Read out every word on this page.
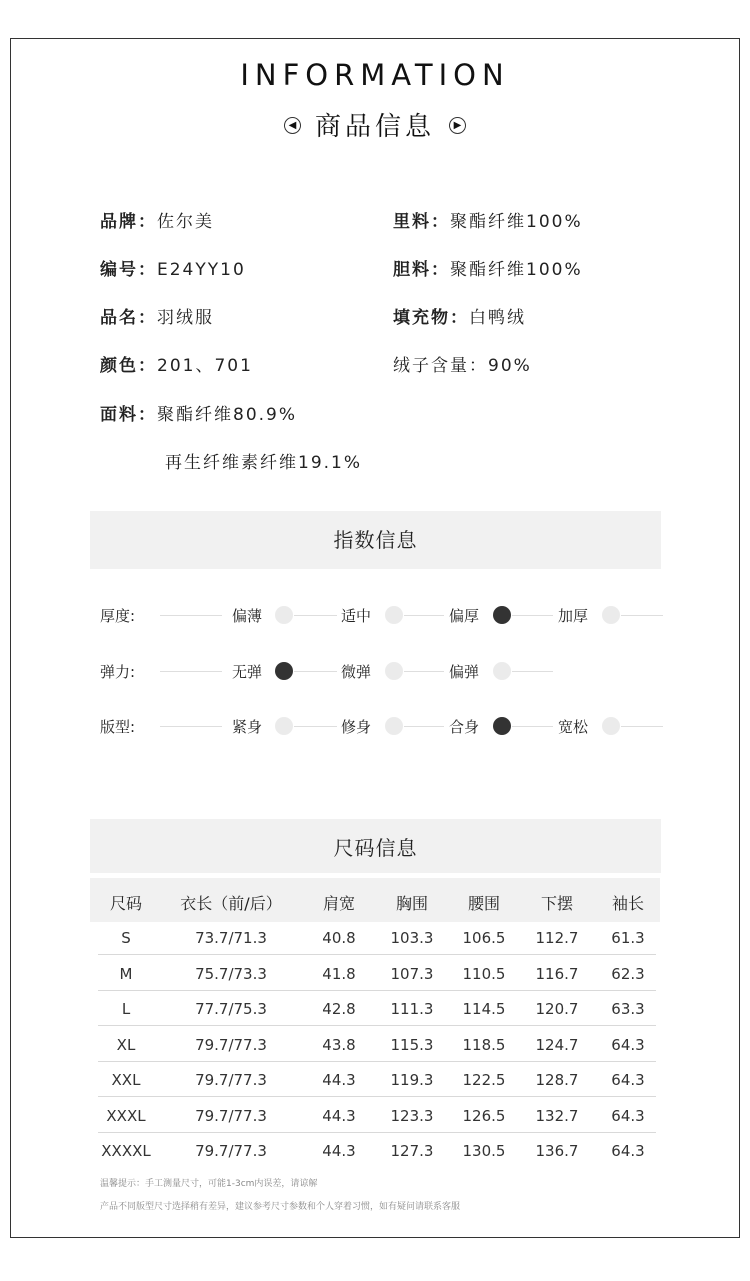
INFORMATION
◀ 商品信息 ▶
品牌：佐尔美
编号：E24YY10
品名：羽绒服
颜色：201、701
面料：聚酯纤维80.9%
再生纤维素纤维19.1%
里料：聚酯纤维100%
胆料：聚酯纤维100%
填充物：白鸭绒
绒子含量：90%
指数信息
厚度:	偏薄	适中	偏厚	加厚
弹力:	无弹	微弹	偏弹
版型:	紧身	修身	合身	宽松
尺码信息
尺码	衣长（前/后）	肩宽	胸围	腰围	下摆	袖长
S	73.7/71.3	40.8	103.3	106.5	112.7	61.3
M	75.7/73.3	41.8	107.3	110.5	116.7	62.3
L	77.7/75.3	42.8	111.3	114.5	120.7	63.3
XL	79.7/77.3	43.8	115.3	118.5	124.7	64.3
XXL	79.7/77.3	44.3	119.3	122.5	128.7	64.3
XXXL	79.7/77.3	44.3	123.3	126.5	132.7	64.3
XXXXL	79.7/77.3	44.3	127.3	130.5	136.7	64.3
温馨提示：手工测量尺寸，可能1-3cm内误差，请谅解
产品不同版型尺寸选择稍有差异，建议参考尺寸参数和个人穿着习惯，如有疑问请联系客服
